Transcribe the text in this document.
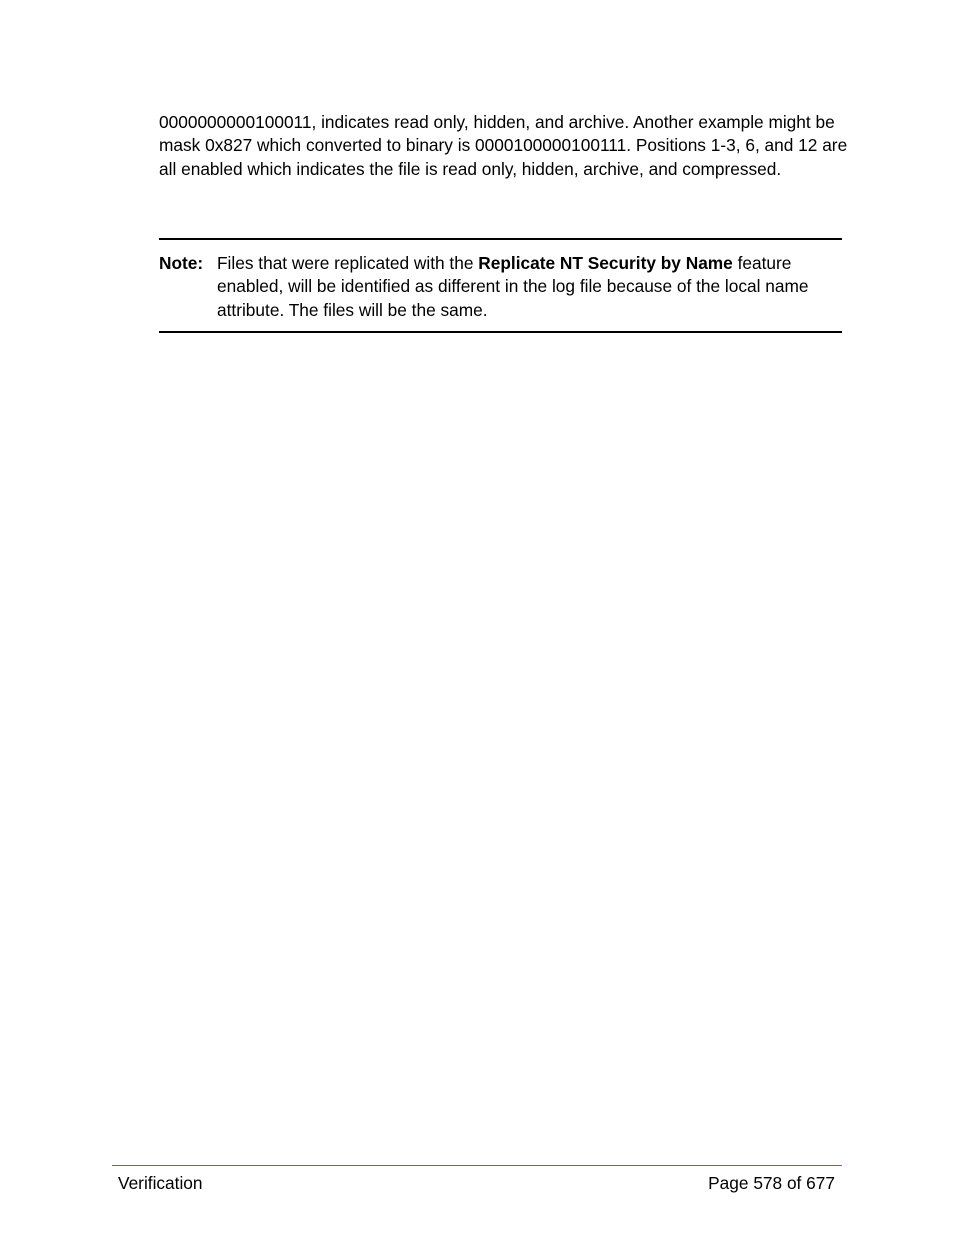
0000000000100011, indicates read only, hidden, and archive. Another example might be mask 0x827 which converted to binary is 0000100000100111. Positions 1-3, 6, and 12 are all enabled which indicates the file is read only, hidden, archive, and compressed.

Note: Files that were replicated with the Replicate NT Security by Name feature enabled, will be identified as different in the log file because of the local name attribute. The files will be the same.
Verification	Page 578 of 677
